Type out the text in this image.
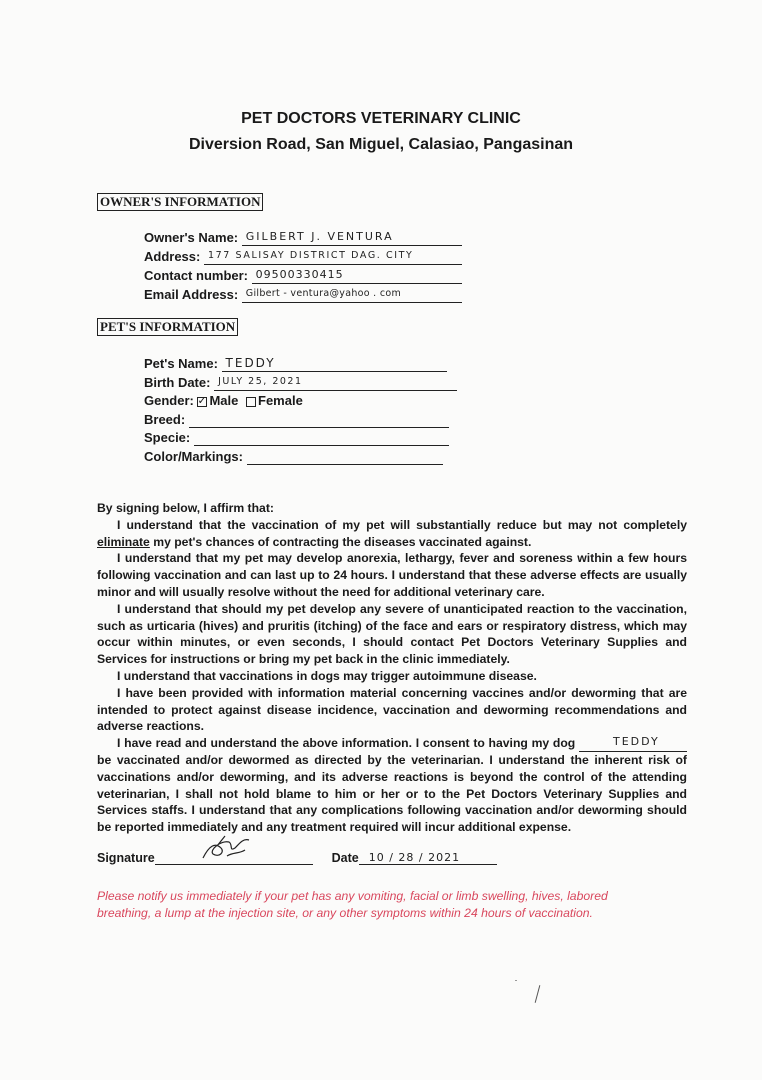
PET DOCTORS VETERINARY CLINIC
Diversion Road, San Miguel, Calasiao, Pangasinan
OWNER'S INFORMATION
Owner's Name: GILBERT J. VENTURA
Address: 177 SALISAY DISTRICT DAG. CITY
Contact number: 09500330415
Email Address: Gilbert - ventura@yahoo . com
PET'S INFORMATION
Pet's Name: TEDDY
Birth Date: JULY 25, 2021
Gender: ✓ Male Female
Breed:
Specie:
Color/Markings:

By signing below, I affirm that:

I understand that the vaccination of my pet will substantially reduce but may not completely eliminate my pet's chances of contracting the diseases vaccinated against.

I understand that my pet may develop anorexia, lethargy, fever and soreness within a few hours following vaccination and can last up to 24 hours. I understand that these adverse effects are usually minor and will usually resolve without the need for additional veterinary care.

I understand that should my pet develop any severe of unanticipated reaction to the vaccination, such as urticaria (hives) and pruritis (itching) of the face and ears or respiratory distress, which may occur within minutes, or even seconds, I should contact Pet Doctors Veterinary Supplies and Services for instructions or bring my pet back in the clinic immediately.

I understand that vaccinations in dogs may trigger autoimmune disease.

I have been provided with information material concerning vaccines and/or deworming that are intended to protect against disease incidence, vaccination and deworming recommendations and adverse reactions.

I have read and understand the above information. I consent to having my dog	TEDDY
be vaccinated and/or dewormed as directed by the veterinarian. I understand the inherent risk of vaccinations and/or deworming, and its adverse reactions is beyond the control of the attending veterinarian, I shall not hold blame to him or her or to the Pet Doctors Veterinary Supplies and Services staffs. I understand that any complications following vaccination and/or deworming should be reported immediately and any treatment required will incur additional expense.

Signature	Date 10 / 28 / 2021

Please notify us immediately if your pet has any vomiting, facial or limb swelling, hives, labored

breathing, a lump at the injection site, or any other symptoms within 24 hours of vaccination.
